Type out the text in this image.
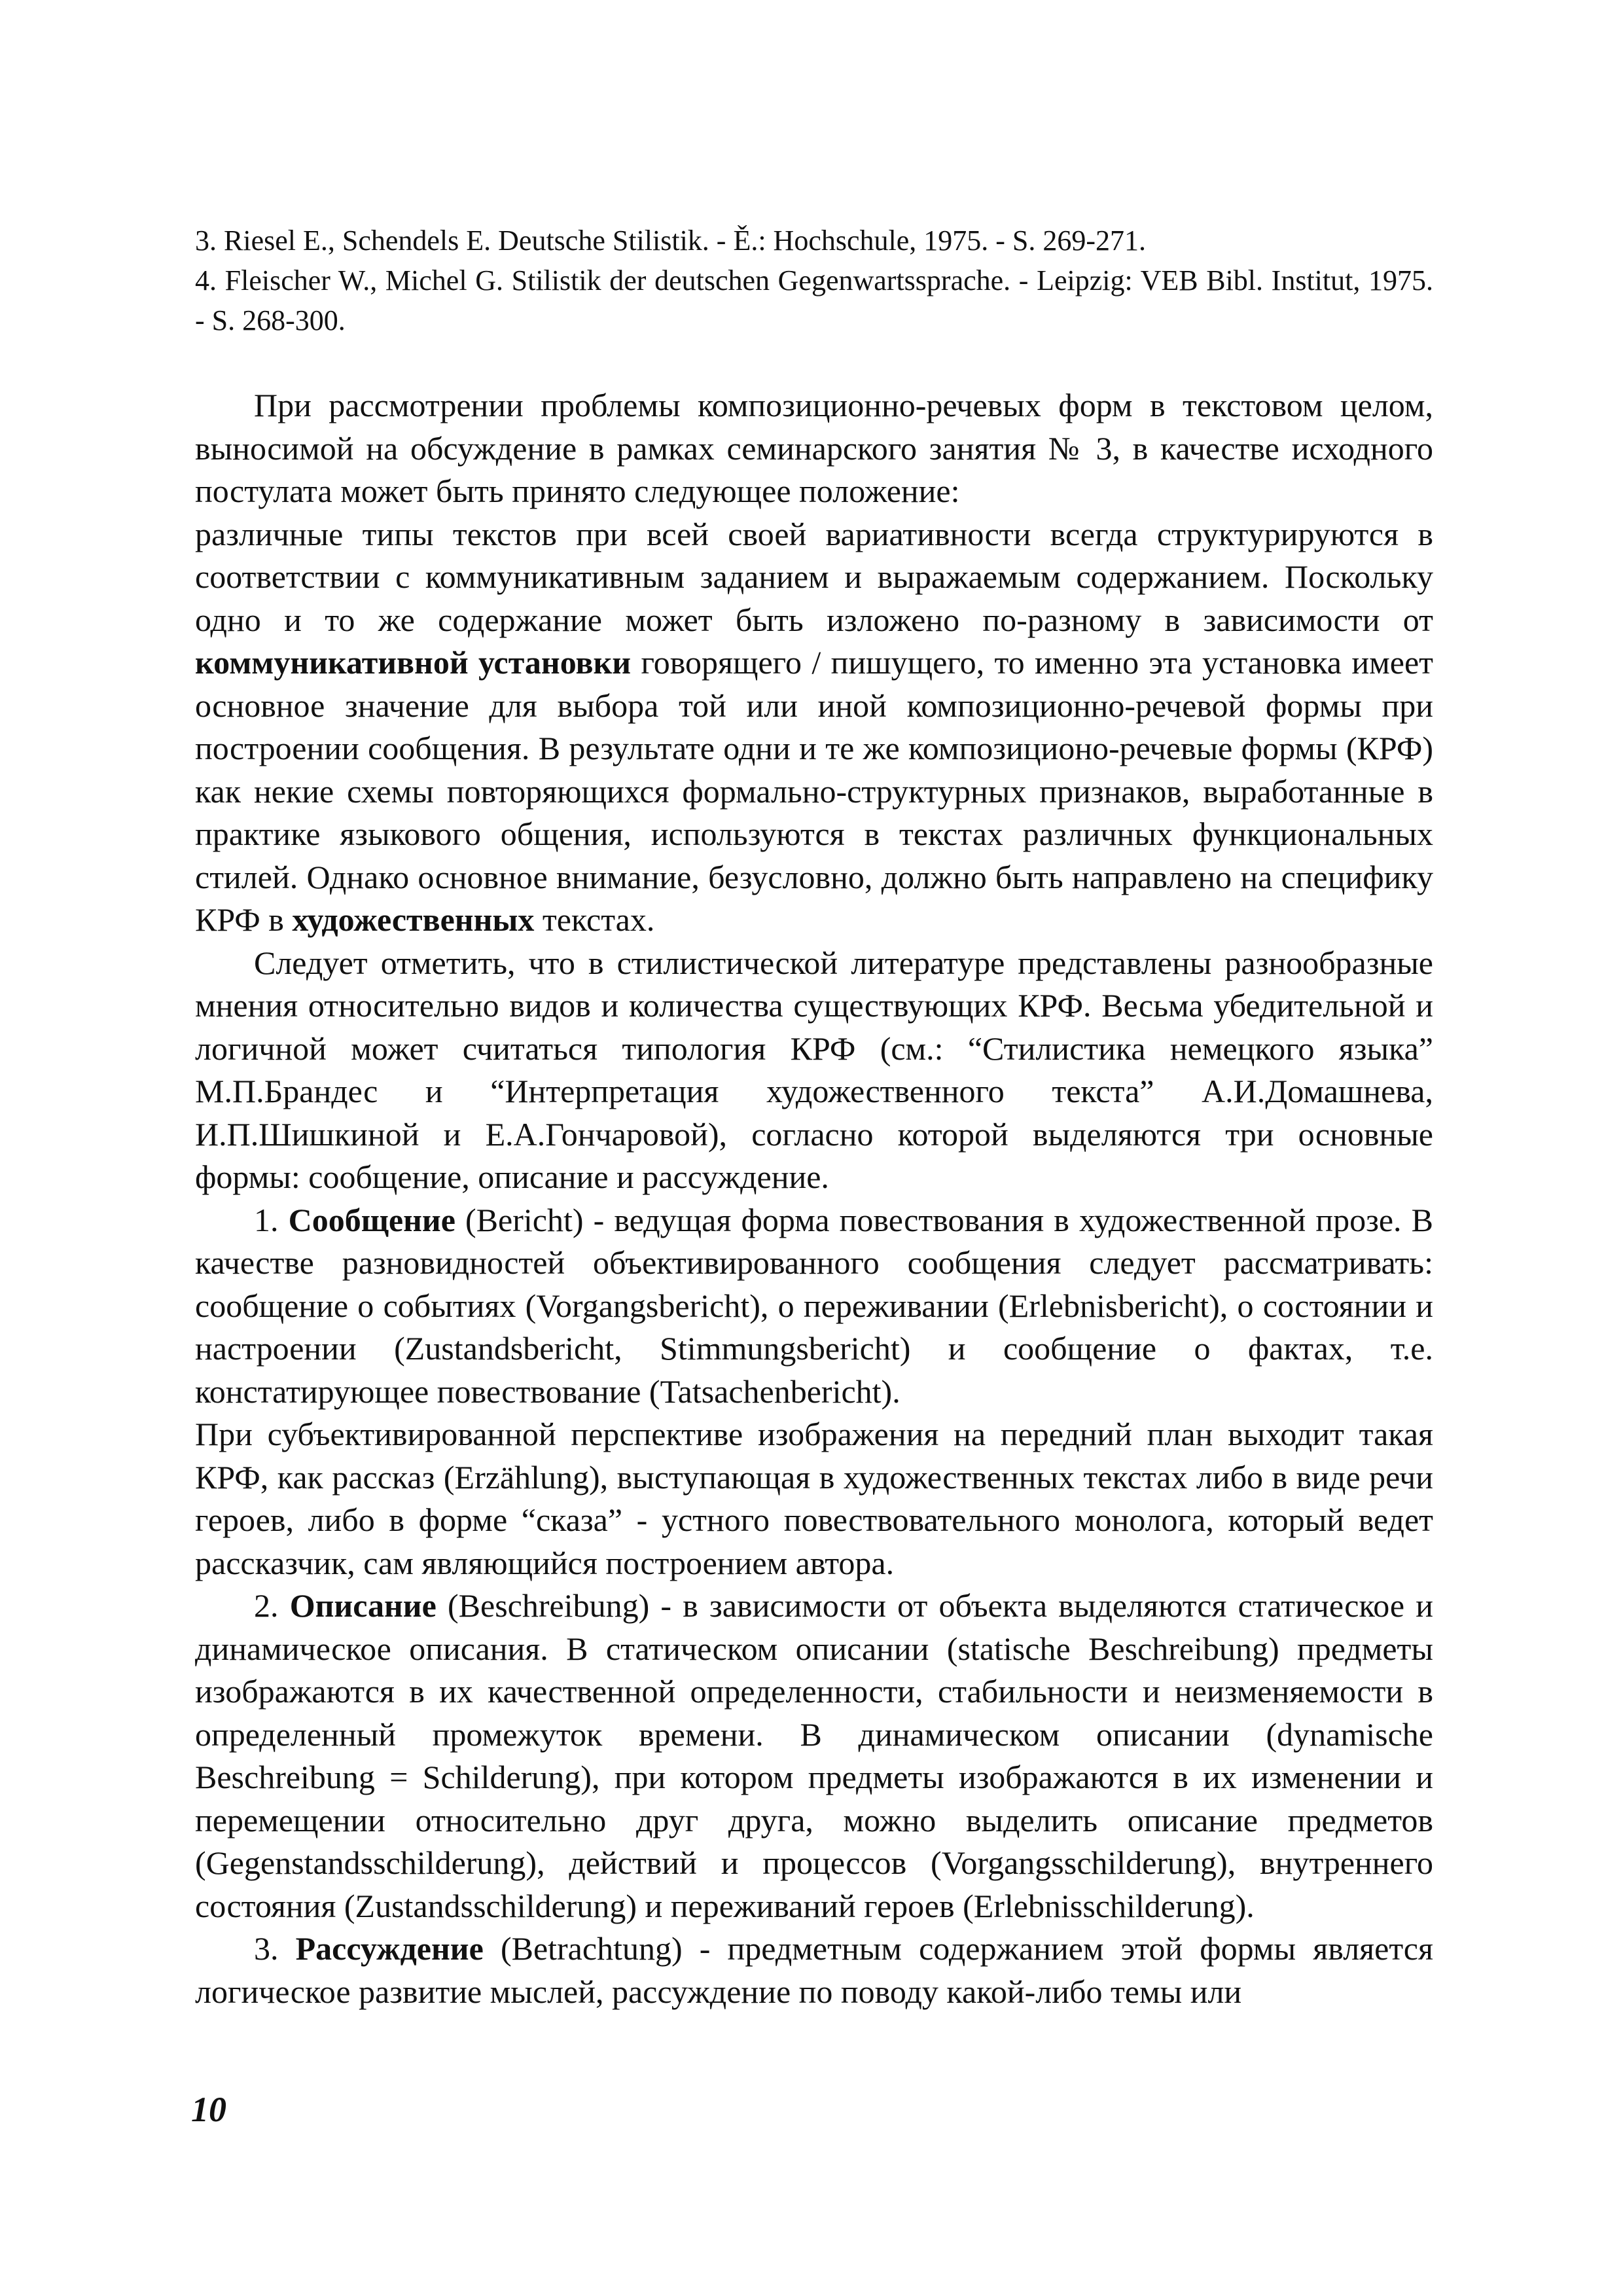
3. Riesel E., Schendels E. Deutsche Stilistik. - Ě.: Hochschule, 1975. - S. 269-271.

4. Fleischer W., Michel G. Stilistik der deutschen Gegenwartssprache. - Leipzig: VEB Bibl. Institut, 1975. - S. 268-300.

При рассмотрении проблемы композиционно-речевых форм в текстовом целом, выносимой на обсуждение в рамках семинарского занятия № 3, в качестве исходного постулата может быть принято следующее положение:

различные типы текстов при всей своей вариативности всегда структурируются в соответствии с коммуникативным заданием и выражаемым содержанием. Поскольку одно и то же содержание может быть изложено по-разному в зависимости от коммуникативной установки говорящего / пишущего, то именно эта установка имеет основное значение для выбора той или иной композиционно-речевой формы при построении сообщения. В результате одни и те же композиционо-речевые формы (КРФ) как некие схемы повторяющихся формально-структурных признаков, выработанные в практике языкового общения, используются в текстах различных функциональных стилей. Однако основное внимание, безусловно, должно быть направлено на специфику КРФ в художественных текстах.

Следует отметить, что в стилистической литературе представлены разнообразные мнения относительно видов и количества существующих КРФ. Весьма убедительной и логичной может считаться типология КРФ (см.: “Стилистика немецкого языка” М.П.Брандес и “Интерпретация художественного текста” А.И.Домашнева, И.П.Шишкиной и Е.А.Гончаровой), согласно которой выделяются три основные формы: сообщение, описание и рассуждение.

1. Сообщение (Bericht) - ведущая форма повествования в художественной прозе. В качестве разновидностей объективированного сообщения следует рассматривать: сообщение о событиях (Vorgangsbericht), о переживании (Erlebnisbericht), о состоянии и настроении (Zustandsbericht, Stimmungsbericht) и сообщение о фактах, т.е. констатирующее повествование (Tatsachenbericht).

При субъективированной перспективе изображения на передний план выходит такая КРФ, как рассказ (Erzählung), выступающая в художественных текстах либо в виде речи героев, либо в форме “сказа” - устного повествовательного монолога, который ведет рассказчик, сам являющийся построением автора.

2. Описание (Beschreibung) - в зависимости от объекта выделяются статическое и динамическое описания. В статическом описании (statische Beschreibung) предметы изображаются в их качественной определенности, стабильности и неизменяемости в определенный промежуток времени. В динамическом описании (dynamische Beschreibung = Schilderung), при котором предметы изображаются в их изменении и перемещении относительно друг друга, можно выделить описание предметов (Gegenstandsschilderung), действий и процессов (Vorgangsschilderung), внутреннего состояния (Zustandsschilderung) и переживаний героев (Erlebnisschilderung).

3. Рассуждение (Betrachtung) - предметным содержанием этой формы является логическое развитие мыслей, рассуждение по поводу какой-либо темы или

10
